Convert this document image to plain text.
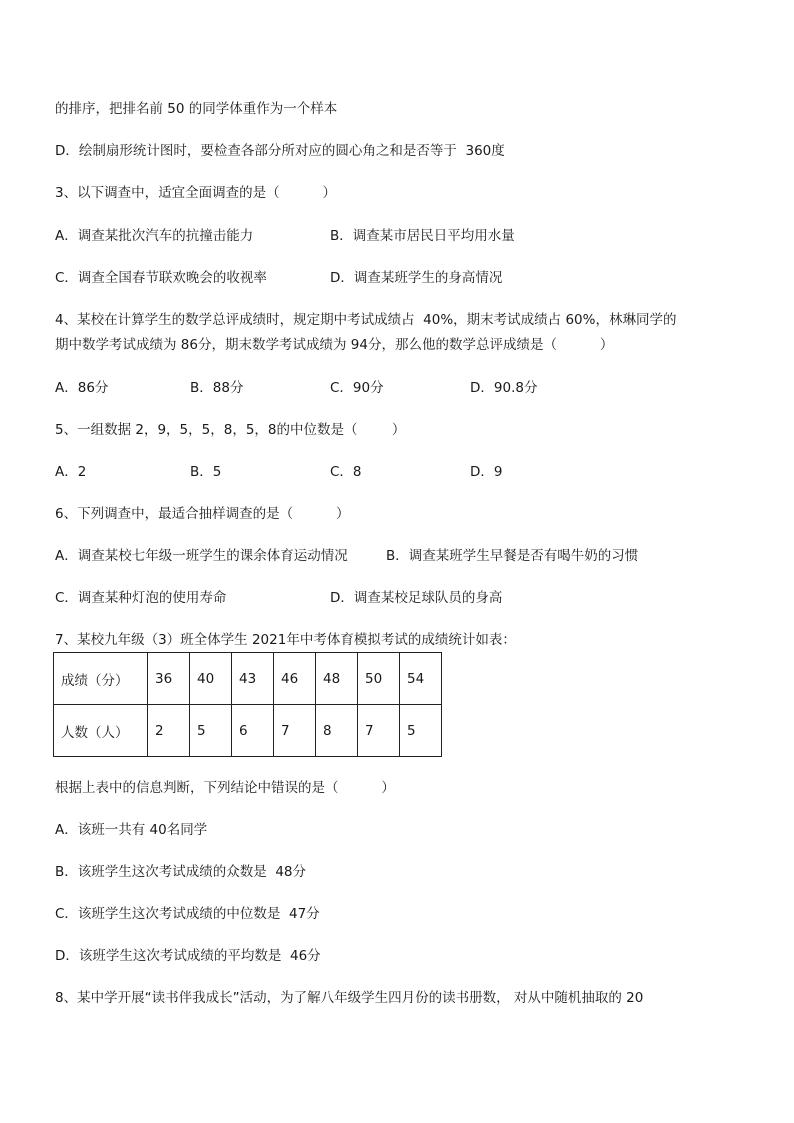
的排序，把排名前 50 的同学体重作为一个样本
D．绘制扇形统计图时，要检查各部分所对应的圆心角之和是否等于  360度
3、以下调查中，适宜全面调查的是（          ）
A．调查某批次汽车的抗撞击能力	B．调查某市居民日平均用水量
C．调查全国春节联欢晚会的收视率	D．调查某班学生的身高情况
4、某校在计算学生的数学总评成绩时，规定期中考试成绩占  40%，期末考试成绩占 60%，林琳同学的
期中数学考试成绩为 86分，期末数学考试成绩为 94分，那么他的数学总评成绩是（          ）
A．86分	B．88分	C．90分	D．90.8分
5、一组数据 2，9，5，5，8，5，8的中位数是（        ）
A．2	B．5	C．8	D．9
6、下列调查中，最适合抽样调查的是（          ）
A．调查某校七年级一班学生的课余体育运动情况	B．调查某班学生早餐是否有喝牛奶的习惯
C．调查某种灯泡的使用寿命	D．调查某校足球队员的身高
7、某校九年级（3）班全体学生 2021年中考体育模拟考试的成绩统计如表：
成绩（分）	36	40	43	46	48	50	54
人数（人）	2	5	6	7	8	7	5
根据上表中的信息判断，下列结论中错误的是（          ）
A．该班一共有 40名同学
B．该班学生这次考试成绩的众数是  48分
C．该班学生这次考试成绩的中位数是  47分
D．该班学生这次考试成绩的平均数是  46分
8、某中学开展“读书伴我成长”活动，为了解八年级学生四月份的读书册数， 对从中随机抽取的 20
